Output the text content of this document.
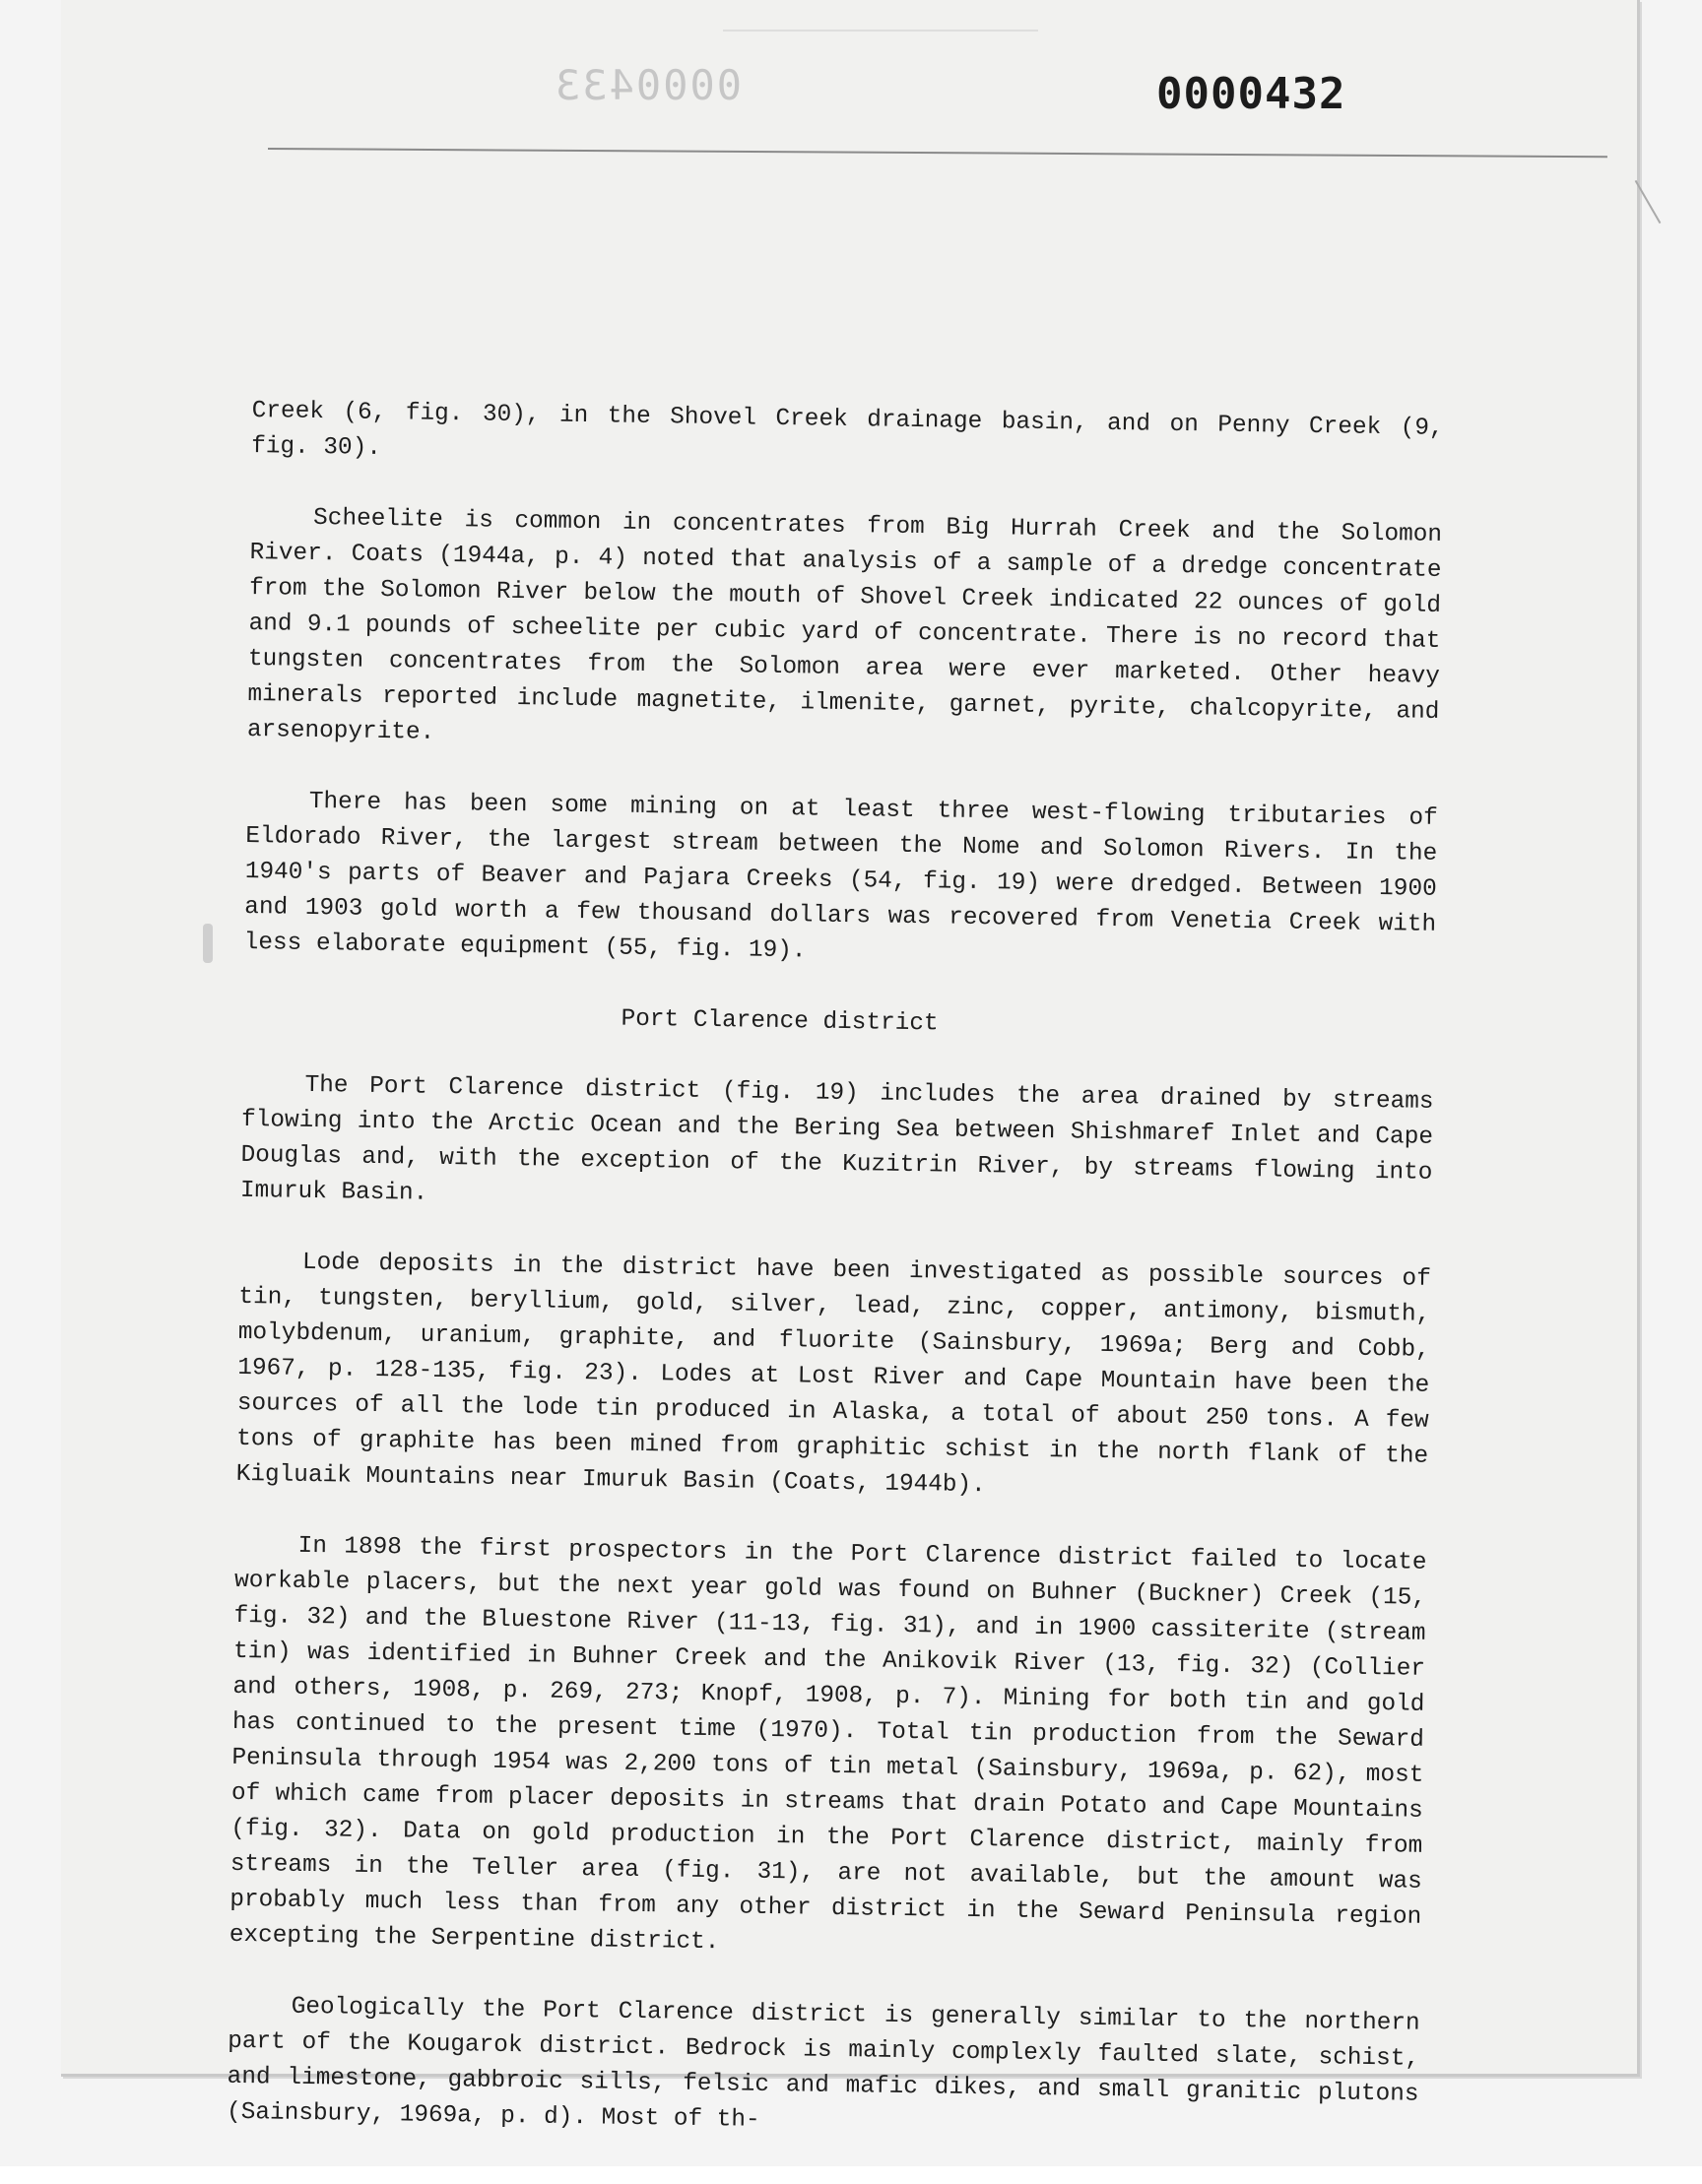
0000433	0000432

Creek (6, fig. 30), in the Shovel Creek drainage basin, and on Penny Creek (9, fig. 30).

Scheelite is common in concentrates from Big Hurrah Creek and the Solomon River. Coats (1944a, p. 4) noted that analysis of a sample of a dredge concentrate from the Solomon River below the mouth of Shovel Creek indicated 22 ounces of gold and 9.1 pounds of scheelite per cubic yard of concentrate. There is no record that tungsten concentrates from the Solomon area were ever marketed. Other heavy minerals reported include magnetite, ilmenite, garnet, pyrite, chalcopyrite, and arsenopyrite.

There has been some mining on at least three west-flowing tributaries of Eldorado River, the largest stream between the Nome and Solomon Rivers. In the 1940's parts of Beaver and Pajara Creeks (54, fig. 19) were dredged. Between 1900 and 1903 gold worth a few thousand dollars was recovered from Venetia Creek with less elaborate equipment (55, fig. 19).

Port Clarence district

The Port Clarence district (fig. 19) includes the area drained by streams flowing into the Arctic Ocean and the Bering Sea between Shishmaref Inlet and Cape Douglas and, with the exception of the Kuzitrin River, by streams flowing into Imuruk Basin.

Lode deposits in the district have been investigated as possible sources of tin, tungsten, beryllium, gold, silver, lead, zinc, copper, antimony, bismuth, molybdenum, uranium, graphite, and fluorite (Sainsbury, 1969a; Berg and Cobb, 1967, p. 128-135, fig. 23). Lodes at Lost River and Cape Mountain have been the sources of all the lode tin produced in Alaska, a total of about 250 tons. A few tons of graphite has been mined from graphitic schist in the north flank of the Kigluaik Mountains near Imuruk Basin (Coats, 1944b).

In 1898 the first prospectors in the Port Clarence district failed to locate workable placers, but the next year gold was found on Buhner (Buckner) Creek (15, fig. 32) and the Bluestone River (11-13, fig. 31), and in 1900 cassiterite (stream tin) was identified in Buhner Creek and the Anikovik River (13, fig. 32) (Collier and others, 1908, p. 269, 273; Knopf, 1908, p. 7). Mining for both tin and gold has continued to the present time (1970). Total tin production from the Seward Peninsula through 1954 was 2,200 tons of tin metal (Sainsbury, 1969a, p. 62), most of which came from placer deposits in streams that drain Potato and Cape Mountains (fig. 32). Data on gold production in the Port Clarence district, mainly from streams in the Teller area (fig. 31), are not available, but the amount was probably much less than from any other district in the Seward Peninsula region excepting the Serpentine district.

Geologically the Port Clarence district is generally similar to the northern part of the Kougarok district. Bedrock is mainly complexly faulted slate, schist, and limestone, gabbroic sills, felsic and mafic dikes, and small granitic plutons (Sainsbury, 1969a, p. d). Most of th-
